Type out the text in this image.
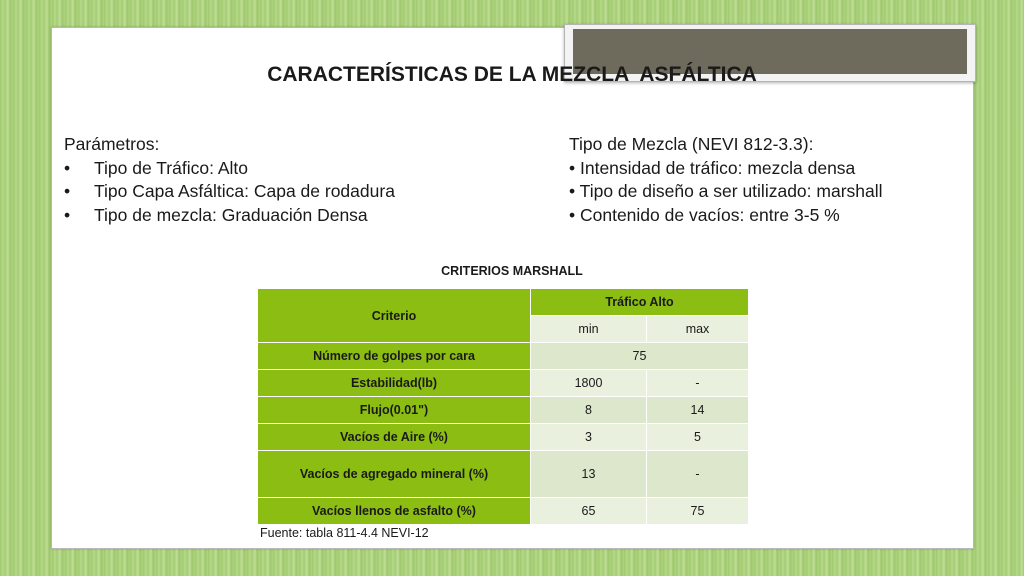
CARACTERÍSTICAS DE LA MEZCLA  ASFÁLTICA
Parámetros:
• Tipo de Tráfico: Alto
• Tipo Capa Asfáltica: Capa de rodadura
• Tipo de mezcla: Graduación Densa
Tipo de Mezcla (NEVI 812-3.3):
• Intensidad de tráfico: mezcla densa
• Tipo de diseño a ser utilizado: marshall
• Contenido de vacíos: entre 3-5 %
CRITERIOS MARSHALL
Criterio	Tráfico Alto	
	min	max
Número de golpes por cara	75	
Estabilidad(lb)	1800	-
Flujo(0.01")	8	14
Vacíos de Aire (%)	3	5
Vacíos de agregado mineral (%)	13	-
Vacíos llenos de asfalto (%)	65	75
Fuente: tabla 811-4.4 NEVI-12
